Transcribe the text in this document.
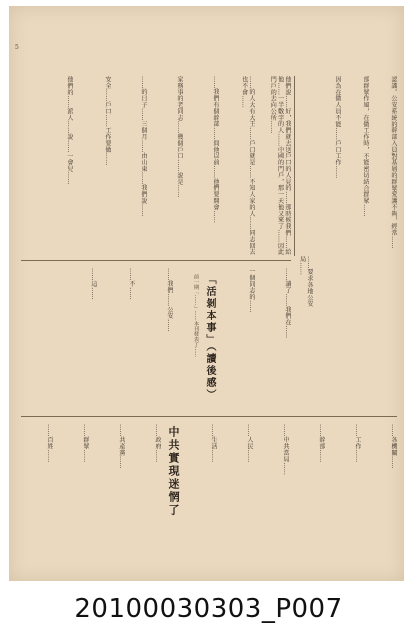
5
他們說……好，我們就去送戶口的人見的……那時候我們……給他……一半數字的人……中國的門戶，那一天他又來了……因此門戶的去向公所……
……的人大有大王……戶口就是……不知人家的人……同志回去也不會……
……我們有個幹部……問他以前……他們要開會……
家務事的老同志……幾個戶口……說是……
……的日子……三個月……由山東……我們說……
安全……戶口……工作要做……
他們的……派人……說……一會兒……	認識。公安系統的幹部入員對基層的群眾愛護不夠，經常……
部群眾作風，在做工作時，不能密切結合群眾……
因為在做人員不能……戶口工作……
……要求各地公安局……
「活剝本事」（讀後感）
前一期「……」……本刊發表了……	……讀了……我們在……
一個同志的……
……我們……公安……
……不……
……這……
中共實現迷惘了	……各機關……
……工作……
……幹部……
……中共當局……
……人民……
……生活……
……政府……
……共產黨……
……群眾……
……百姓……
20100030303_P007
